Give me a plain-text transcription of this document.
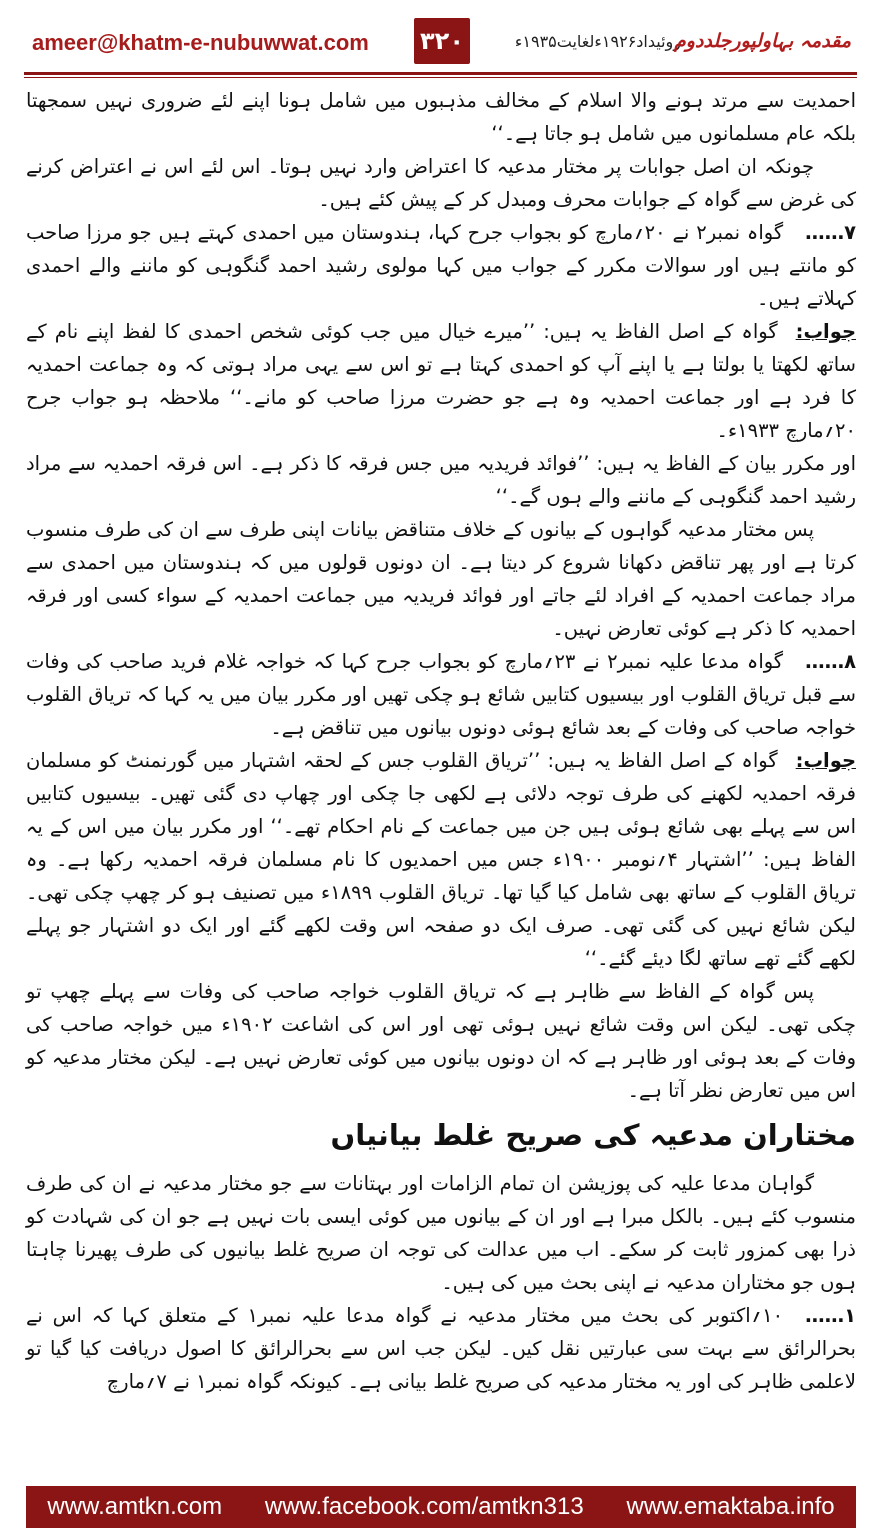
ameer@khatm-e-nubuwwat.com ۳۲۰	روئیداد۱۹۲۶ءلغایت۱۹۳۵ء
مقدمہ بہاولپورجلددوم

احمدیت سے مرتد ہونے والا اسلام کے مخالف مذہبوں میں شامل ہونا اپنے لئے ضروری نہیں سمجھتا بلکہ عام مسلمانوں میں شامل ہو جاتا ہے۔‘‘

چونکہ ان اصل جوابات پر مختار مدعیہ کا اعتراض وارد نہیں ہوتا۔ اس لئے اس نے اعتراض کرنے کی غرض سے گواہ کے جوابات محرف ومبدل کر کے پیش کئے ہیں۔

۷……گواہ نمبر۲ نے ۲۰؍مارچ کو بجواب جرح کہا، ہندوستان میں احمدی کہتے ہیں جو مرزا صاحب کو مانتے ہیں اور سوالات مکرر کے جواب میں کہا مولوی رشید احمد گنگوہی کو ماننے والے احمدی کہلاتے ہیں۔

جواب:گواہ کے اصل الفاظ یہ ہیں: ’’میرے خیال میں جب کوئی شخص احمدی کا لفظ اپنے نام کے ساتھ لکھتا یا بولتا ہے یا اپنے آپ کو احمدی کہتا ہے تو اس سے یہی مراد ہوتی کہ وہ جماعت احمدیہ کا فرد ہے اور جماعت احمدیہ وہ ہے جو حضرت مرزا صاحب کو مانے۔‘‘ ملاحظہ ہو جواب جرح ۲۰؍مارچ ۱۹۳۳ء۔

اور مکرر بیان کے الفاظ یہ ہیں: ’’فوائد فریدیہ میں جس فرقہ کا ذکر ہے۔ اس فرقہ احمدیہ سے مراد رشید احمد گنگوہی کے ماننے والے ہوں گے۔‘‘

پس مختار مدعیہ گواہوں کے بیانوں کے خلاف متناقض بیانات اپنی طرف سے ان کی طرف منسوب کرتا ہے اور پھر تناقض دکھانا شروع کر دیتا ہے۔ ان دونوں قولوں میں کہ ہندوستان میں احمدی سے مراد جماعت احمدیہ کے افراد لئے جاتے اور فوائد فریدیہ میں جماعت احمدیہ کے سواء کسی اور فرقہ احمدیہ کا ذکر ہے کوئی تعارض نہیں۔

۸……گواہ مدعا علیہ نمبر۲ نے ۲۳؍مارچ کو بجواب جرح کہا کہ خواجہ غلام فرید صاحب کی وفات سے قبل تریاق القلوب اور بیسیوں کتابیں شائع ہو چکی تھیں اور مکرر بیان میں یہ کہا کہ تریاق القلوب خواجہ صاحب کی وفات کے بعد شائع ہوئی دونوں بیانوں میں تناقض ہے۔

جواب:گواہ کے اصل الفاظ یہ ہیں: ’’تریاق القلوب جس کے لحقہ اشتہار میں گورنمنٹ کو مسلمان فرقہ احمدیہ لکھنے کی طرف توجہ دلائی ہے لکھی جا چکی اور چھاپ دی گئی تھیں۔ بیسیوں کتابیں اس سے پہلے بھی شائع ہوئی ہیں جن میں جماعت کے نام احکام تھے۔‘‘ اور مکرر بیان میں اس کے یہ الفاظ ہیں: ’’اشتہار ۴؍نومبر ۱۹۰۰ء جس میں احمدیوں کا نام مسلمان فرقہ احمدیہ رکھا ہے۔ وہ تریاق القلوب کے ساتھ بھی شامل کیا گیا تھا۔ تریاق القلوب ۱۸۹۹ء میں تصنیف ہو کر چھپ چکی تھی۔ لیکن شائع نہیں کی گئی تھی۔ صرف ایک دو صفحہ اس وقت لکھے گئے اور ایک دو اشتہار جو پہلے لکھے گئے تھے ساتھ لگا دیئے گئے۔‘‘

پس گواہ کے الفاظ سے ظاہر ہے کہ تریاق القلوب خواجہ صاحب کی وفات سے پہلے چھپ تو چکی تھی۔ لیکن اس وقت شائع نہیں ہوئی تھی اور اس کی اشاعت ۱۹۰۲ء میں خواجہ صاحب کی وفات کے بعد ہوئی اور ظاہر ہے کہ ان دونوں بیانوں میں کوئی تعارض نہیں ہے۔ لیکن مختار مدعیہ کو اس میں تعارض نظر آتا ہے۔

مختاران مدعیہ کی صریح غلط بیانیاں

گواہان مدعا علیہ کی پوزیشن ان تمام الزامات اور بہتانات سے جو مختار مدعیہ نے ان کی طرف منسوب کئے ہیں۔ بالکل مبرا ہے اور ان کے بیانوں میں کوئی ایسی بات نہیں ہے جو ان کی شہادت کو ذرا بھی کمزور ثابت کر سکے۔ اب میں عدالت کی توجہ ان صریح غلط بیانیوں کی طرف پھیرنا چاہتا ہوں جو مختاران مدعیہ نے اپنی بحث میں کی ہیں۔

۱……۱۰؍اکتوبر کی بحث میں مختار مدعیہ نے گواہ مدعا علیہ نمبر۱ کے متعلق کہا کہ اس نے بحرالرائق سے بہت سی عبارتیں نقل کیں۔ لیکن جب اس سے بحرالرائق کا اصول دریافت کیا گیا تو لاعلمی ظاہر کی اور یہ مختار مدعیہ کی صریح غلط بیانی ہے۔ کیونکہ گواہ نمبر۱ نے ۷؍مارچ

www.amtkn.com www.facebook.com/amtkn313 www.emaktaba.info
